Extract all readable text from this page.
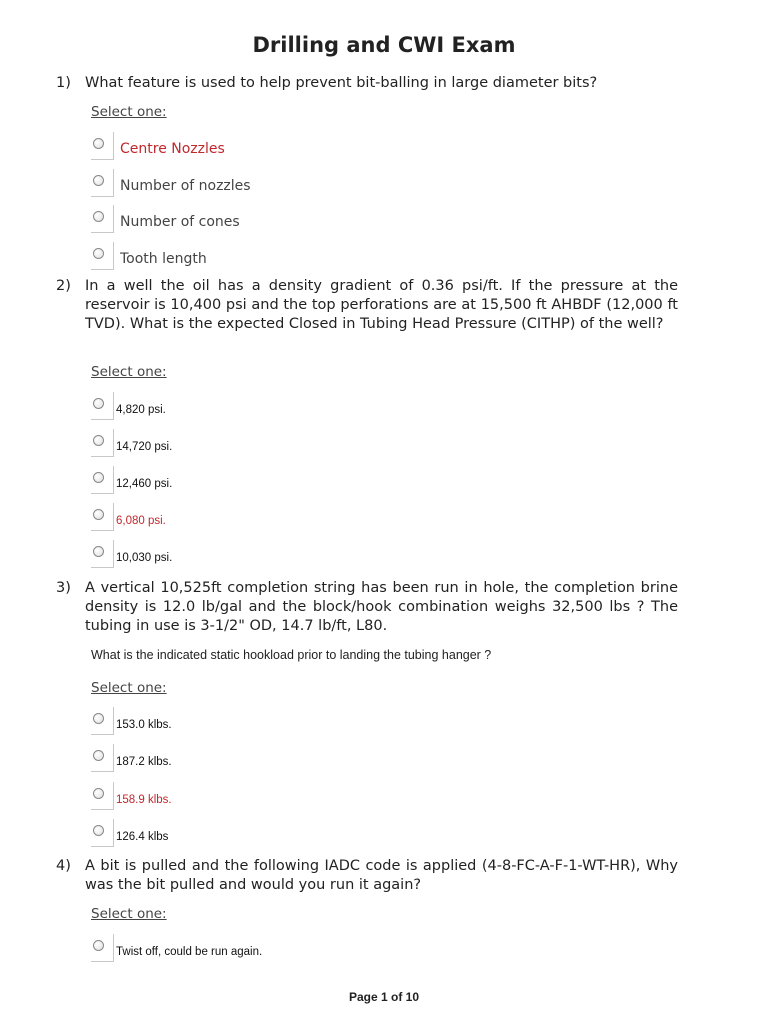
Drilling and CWI Exam
1) What feature is used to help prevent bit-balling in large diameter bits?
Select one:
Centre Nozzles
Number of nozzles
Number of cones
Tooth length
2) In a well the oil has a density gradient of 0.36 psi/ft. If the pressure at the reservoir is 10,400 psi and the top perforations are at 15,500 ft AHBDF (12,000 ft TVD). What is the expected Closed in Tubing Head Pressure (CITHP) of the well?
Select one:
4,820 psi.
14,720 psi.
12,460 psi.
6,080 psi.
10,030 psi.
3) A vertical 10,525ft completion string has been run in hole, the completion brine density is 12.0 lb/gal and the block/hook combination weighs 32,500 lbs ? The tubing in use is 3-1/2" OD, 14.7 lb/ft, L80.
What is the indicated static hookload prior to landing the tubing hanger ?
Select one:
153.0 klbs.
187.2 klbs.
158.9 klbs.
126.4 klbs
4) A bit is pulled and the following IADC code is applied (4-8-FC-A-F-1-WT-HR), Why was the bit pulled and would you run it again?
Select one:
Twist off, could be run again.
Page 1 of 10
